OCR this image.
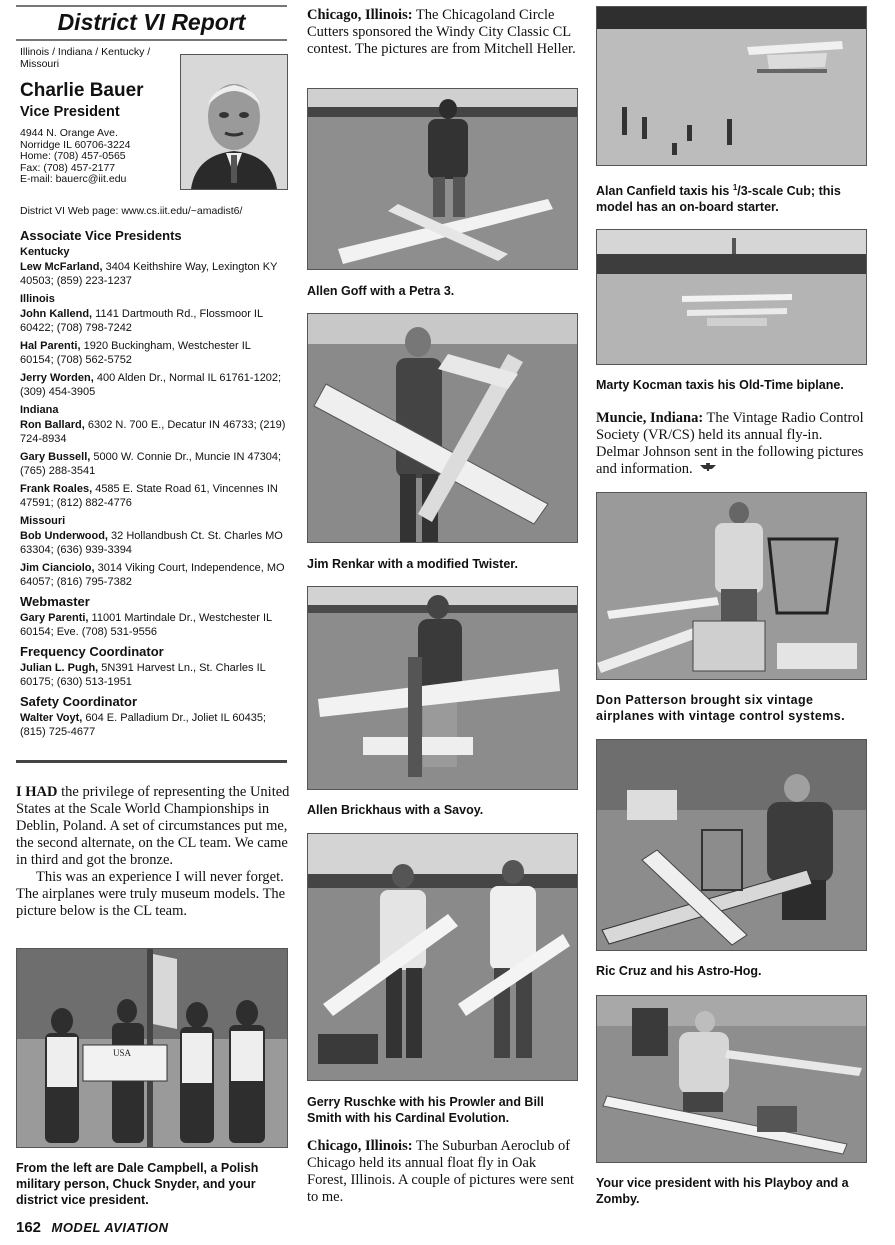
District VI Report
Illinois / Indiana / Kentucky / Missouri
Charlie Bauer
Vice President
4944 N. Orange Ave.
Norridge IL 60706-3224
Home: (708) 457-0565
Fax: (708) 457-2177
E-mail: bauerc@iit.edu
District VI Web page: www.cs.iit.edu/~amadist6/
Associate Vice Presidents
Kentucky
Lew McFarland, 3404 Keithshire Way, Lexington KY 40503; (859) 223-1237
Illinois
John Kallend, 1141 Dartmouth Rd., Flossmoor IL 60422; (708) 798-7242
Hal Parenti, 1920 Buckingham, Westchester IL 60154; (708) 562-5752
Jerry Worden, 400 Alden Dr., Normal IL 61761-1202; (309) 454-3905
Indiana
Ron Ballard, 6302 N. 700 E., Decatur IN 46733; (219) 724-8934
Gary Bussell, 5000 W. Connie Dr., Muncie IN 47304; (765) 288-3541
Frank Roales, 4585 E. State Road 61, Vincennes IN 47591; (812) 882-4776
Missouri
Bob Underwood, 32 Hollandbush Ct. St. Charles MO 63304; (636) 939-3394
Jim Cianciolo, 3014 Viking Court, Independence, MO 64057; (816) 795-7382
Webmaster
Gary Parenti, 11001 Martindale Dr., Westchester IL 60154; Eve. (708) 531-9556
Frequency Coordinator
Julian L. Pugh, 5N391 Harvest Ln., St. Charles IL 60175; (630) 513-1951
Safety Coordinator
Walter Voyt, 604 E. Palladium Dr., Joliet IL 60435; (815) 725-4677
I HAD the privilege of representing the United States at the Scale World Championships in Deblin, Poland. A set of circumstances put me, the second alternate, on the CL team. We came in third and got the bronze.
This was an experience I will never forget. The airplanes were truly museum models. The picture below is the CL team.
USA
From the left are Dale Campbell, a Polish military person, Chuck Snyder, and your district vice president.
Chicago, Illinois: The Chicagoland Circle Cutters sponsored the Windy City Classic CL contest. The pictures are from Mitchell Heller.
Allen Goff with a Petra 3.
Jim Renkar with a modified Twister.
Allen Brickhaus with a Savoy.
Gerry Ruschke with his Prowler and Bill Smith with his Cardinal Evolution.
Chicago, Illinois: The Suburban Aeroclub of Chicago held its annual float fly in Oak Forest, Illinois. A couple of pictures were sent to me.
Alan Canfield taxis his $^1$/3-scale Cub; this model has an on-board starter.
Marty Kocman taxis his Old-Time biplane.
Muncie, Indiana: The Vintage Radio Control Society (VR/CS) held its annual fly-in. Delmar Johnson sent in the following pictures and information.
Don Patterson brought six vintage airplanes with vintage control systems.
Ric Cruz and his Astro-Hog.
Your vice president with his Playboy and a Zomby.
162 MODEL AVIATION
